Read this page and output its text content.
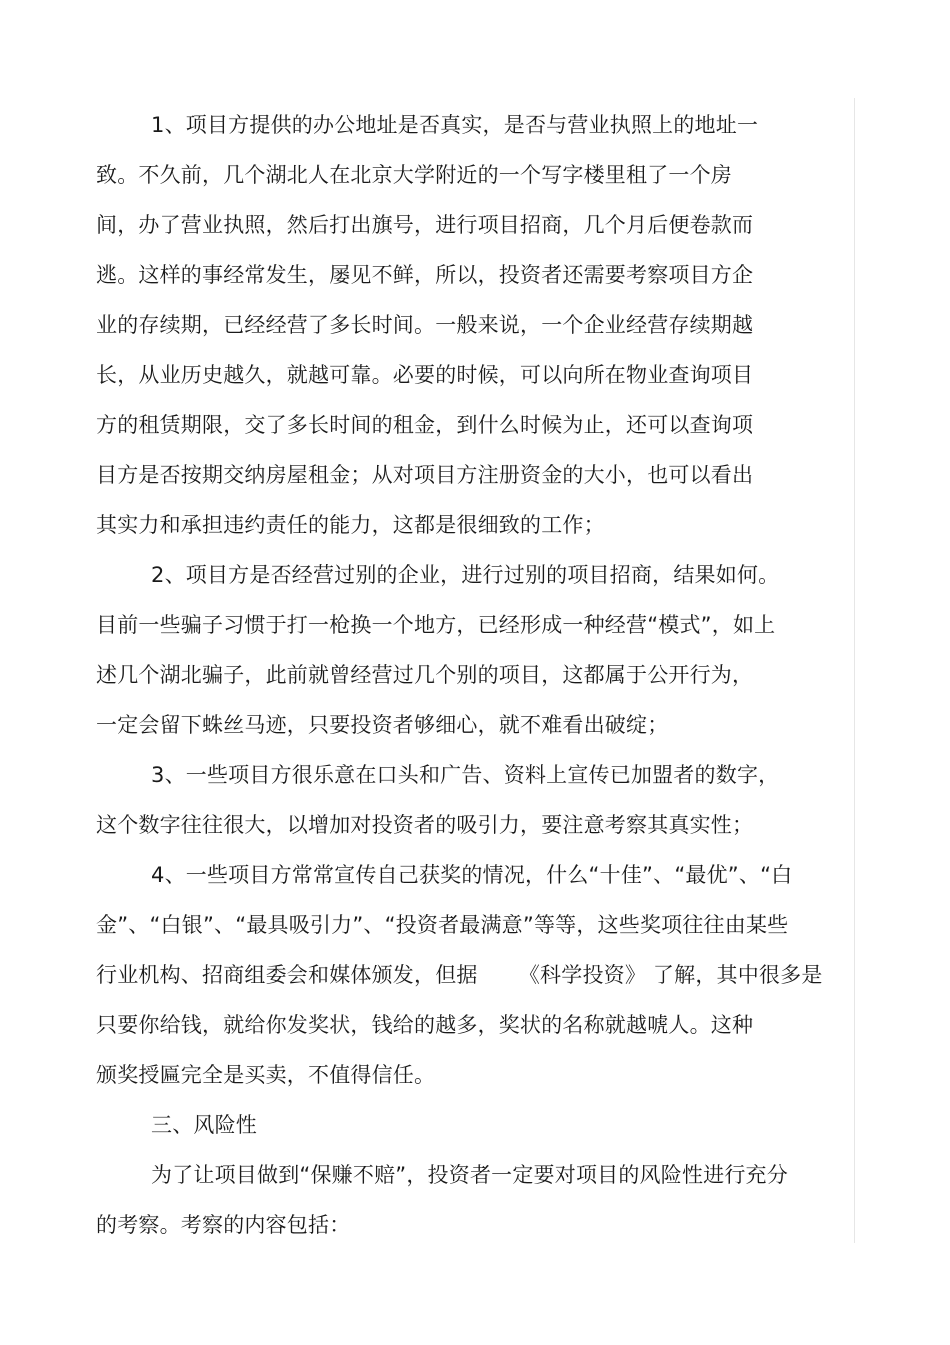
1、项目方提供的办公地址是否真实，是否与营业执照上的地址一
致。不久前，几个湖北人在北京大学附近的一个写字楼里租了一个房
间，办了营业执照，然后打出旗号，进行项目招商，几个月后便卷款而
逃。这样的事经常发生，屡见不鲜，所以，投资者还需要考察项目方企
业的存续期，已经经营了多长时间。一般来说，一个企业经营存续期越
长，从业历史越久，就越可靠。必要的时候，可以向所在物业查询项目
方的租赁期限，交了多长时间的租金，到什么时候为止，还可以查询项
目方是否按期交纳房屋租金；从对项目方注册资金的大小，也可以看出
其实力和承担违约责任的能力，这都是很细致的工作；
2、项目方是否经营过别的企业，进行过别的项目招商，结果如何。
目前一些骗子习惯于打一枪换一个地方，已经形成一种经营“模式”，如上
述几个湖北骗子，此前就曾经营过几个别的项目，这都属于公开行为，
一定会留下蛛丝马迹，只要投资者够细心，就不难看出破绽；
3、一些项目方很乐意在口头和广告、资料上宣传已加盟者的数字，
这个数字往往很大，以增加对投资者的吸引力，要注意考察其真实性；
4、一些项目方常常宣传自己获奖的情况，什么“十佳”、“最优”、“白
金”、“白银”、“最具吸引力”、“投资者最满意”等等，这些奖项往往由某些
行业机构、招商组委会和媒体颁发，但据      《科学投资》 了解，其中很多是
只要你给钱，就给你发奖状，钱给的越多，奖状的名称就越唬人。这种
颁奖授匾完全是买卖，不值得信任。
三、风险性
为了让项目做到“保赚不赔”，投资者一定要对项目的风险性进行充分
的考察。考察的内容包括：
